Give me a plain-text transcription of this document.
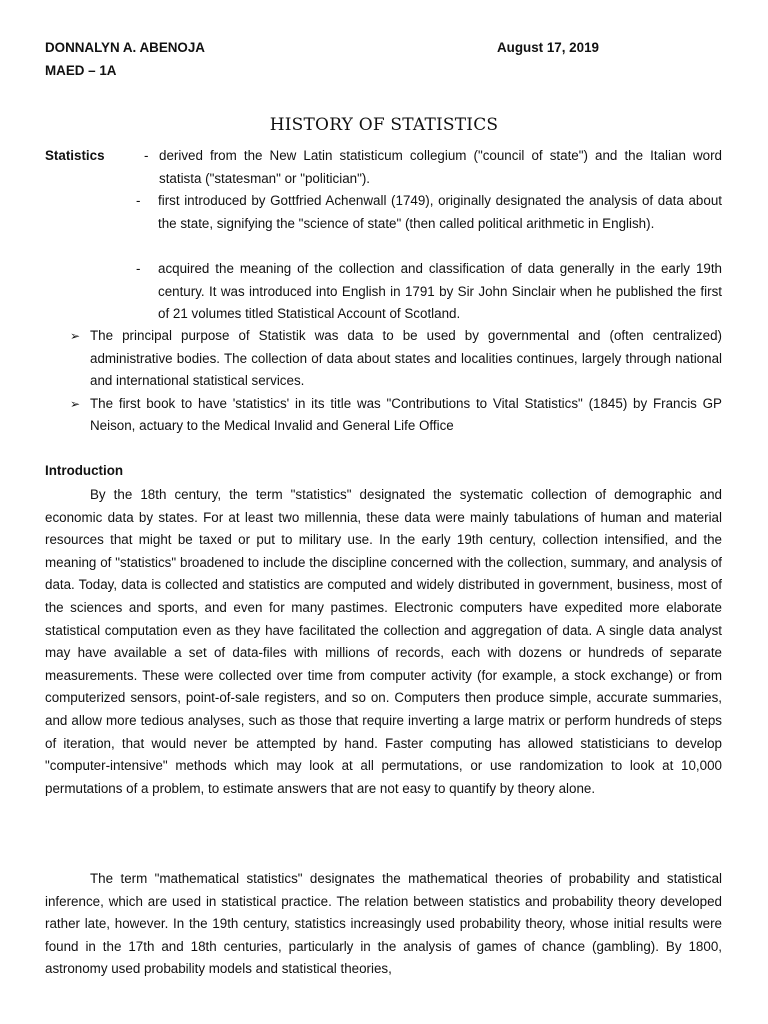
DONNALYN A. ABENOJA	August 17, 2019
MAED – 1A
HISTORY OF STATISTICS
Statistics	- derived from the New Latin statisticum collegium ("council of state") and the Italian word statista ("statesman" or "politician").

- first introduced by Gottfried Achenwall (1749), originally designated the analysis of data about the state, signifying the "science of state" (then called political arithmetic in English).

- acquired the meaning of the collection and classification of data generally in the early 19th century. It was introduced into English in 1791 by Sir John Sinclair when he published the first of 21 volumes titled Statistical Account of Scotland.

➢ The principal purpose of Statistik was data to be used by governmental and (often centralized) administrative bodies. The collection of data about states and localities continues, largely through national and international statistical services.
➢ The first book to have 'statistics' in its title was "Contributions to Vital Statistics" (1845) by Francis GP Neison, actuary to the Medical Invalid and General Life Office
Introduction

By the 18th century, the term "statistics" designated the systematic collection of demographic and economic data by states. For at least two millennia, these data were mainly tabulations of human and material resources that might be taxed or put to military use. In the early 19th century, collection intensified, and the meaning of "statistics" broadened to include the discipline concerned with the collection, summary, and analysis of data. Today, data is collected and statistics are computed and widely distributed in government, business, most of the sciences and sports, and even for many pastimes. Electronic computers have expedited more elaborate statistical computation even as they have facilitated the collection and aggregation of data. A single data analyst may have available a set of data-files with millions of records, each with dozens or hundreds of separate measurements. These were collected over time from computer activity (for example, a stock exchange) or from computerized sensors, point-of-sale registers, and so on. Computers then produce simple, accurate summaries, and allow more tedious analyses, such as those that require inverting a large matrix or perform hundreds of steps of iteration, that would never be attempted by hand. Faster computing has allowed statisticians to develop "computer-intensive" methods which may look at all permutations, or use randomization to look at 10,000 permutations of a problem, to estimate answers that are not easy to quantify by theory alone.

The term "mathematical statistics" designates the mathematical theories of probability and statistical inference, which are used in statistical practice. The relation between statistics and probability theory developed rather late, however. In the 19th century, statistics increasingly used probability theory, whose initial results were found in the 17th and 18th centuries, particularly in the analysis of games of chance (gambling). By 1800, astronomy used probability models and statistical theories,
